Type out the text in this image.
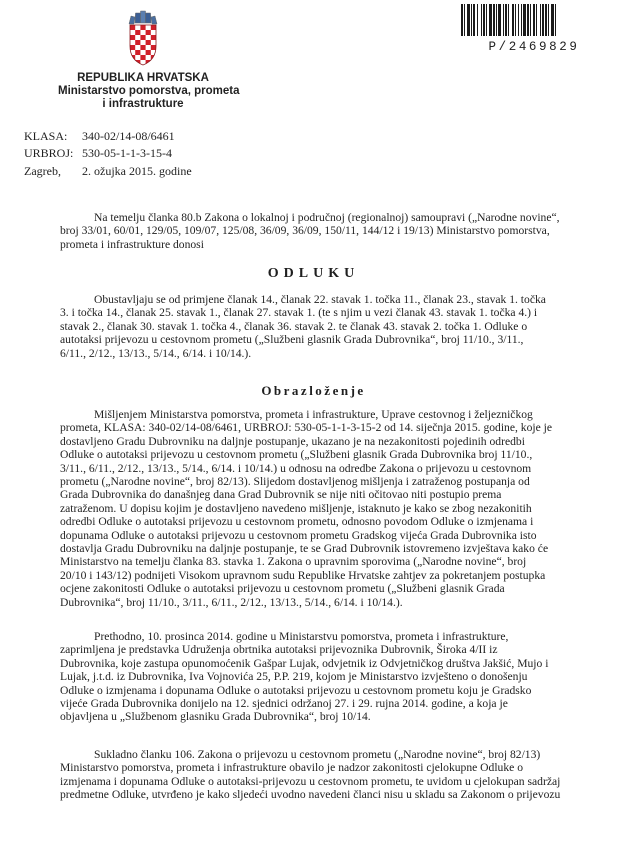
P/2469829
REPUBLIKA HRVATSKA
Ministarstvo pomorstva, prometa
i infrastrukture
KLASA: 340-02/14-08/6461
URBROJ: 530-05-1-1-3-15-4
Zagreb, 2. ožujka 2015. godine
Na temelju članka 80.b Zakona o lokalnoj i područnoj (regionalnoj) samoupravi („Narodne novine“,
broj 33/01, 60/01, 129/05, 109/07, 125/08, 36/09, 36/09, 150/11, 144/12 i 19/13) Ministarstvo pomorstva,
prometa i infrastrukture donosi
ODLUKU
Obustavljaju se od primjene članak 14., članak 22. stavak 1. točka 11., članak 23., stavak 1. točka
3. i točka 14., članak 25. stavak 1., članak 27. stavak 1. (te s njim u vezi članak 43. stavak 1. točka 4.) i
stavak 2., članak 30. stavak 1. točka 4., članak 36. stavak 2. te članak 43. stavak 2. točka 1. Odluke o
autotaksi prijevozu u cestovnom prometu („Službeni glasnik Grada Dubrovnika“, broj 11/10., 3/11.,
6/11., 2/12., 13/13., 5/14., 6/14. i 10/14.).
Obrazloženje
Mišljenjem Ministarstva pomorstva, prometa i infrastrukture, Uprave cestovnog i željezničkog
prometa, KLASA: 340-02/14-08/6461, URBROJ: 530-05-1-1-3-15-2 od 14. siječnja 2015. godine, koje je
dostavljeno Gradu Dubrovniku na daljnje postupanje, ukazano je na nezakonitosti pojedinih odredbi
Odluke o autotaksi prijevozu u cestovnom prometu („Službeni glasnik Grada Dubrovnika broj 11/10.,
3/11., 6/11., 2/12., 13/13., 5/14., 6/14. i 10/14.) u odnosu na odredbe Zakona o prijevozu u cestovnom
prometu („Narodne novine“, broj 82/13). Slijedom dostavljenog mišljenja i zatraženog postupanja od
Grada Dubrovnika do današnjeg dana Grad Dubrovnik se nije niti očitovao niti postupio prema
zatraženom. U dopisu kojim je dostavljeno navedeno mišljenje, istaknuto je kako se zbog nezakonitih
odredbi Odluke o autotaksi prijevozu u cestovnom prometu, odnosno povodom Odluke o izmjenama i
dopunama Odluke o autotaksi prijevozu u cestovnom prometu Gradskog vijeća Grada Dubrovnika isto
dostavlja Gradu Dubrovniku na daljnje postupanje, te se Grad Dubrovnik istovremeno izvještava kako će
Ministarstvo na temelju članka 83. stavka 1. Zakona o upravnim sporovima („Narodne novine“, broj
20/10 i 143/12) podnijeti Visokom upravnom sudu Republike Hrvatske zahtjev za pokretanjem postupka
ocjene zakonitosti Odluke o autotaksi prijevozu u cestovnom prometu („Službeni glasnik Grada
Dubrovnika“, broj 11/10., 3/11., 6/11., 2/12., 13/13., 5/14., 6/14. i 10/14.).
Prethodno, 10. prosinca 2014. godine u Ministarstvu pomorstva, prometa i infrastrukture,
zaprimljena je predstavka Udruženja obrtnika autotaksi prijevoznika Dubrovnik, Široka 4/II iz
Dubrovnika, koje zastupa opunomoćenik Gašpar Lujak, odvjetnik iz Odvjetničkog društva Jakšić, Mujo i
Lujak, j.t.d. iz Dubrovnika, Iva Vojnovića 25, P.P. 219, kojom je Ministarstvo izvješteno o donošenju
Odluke o izmjenama i dopunama Odluke o autotaksi prijevozu u cestovnom prometu koju je Gradsko
vijeće Grada Dubrovnika donijelo na 12. sjednici održanoj 27. i 29. rujna 2014. godine, a koja je
objavljena u „Službenom glasniku Grada Dubrovnika“, broj 10/14.
Sukladno članku 106. Zakona o prijevozu u cestovnom prometu („Narodne novine“, broj 82/13)
Ministarstvo pomorstva, prometa i infrastrukture obavilo je nadzor zakonitosti cjelokupne Odluke o
izmjenama i dopunama Odluke o autotaksi-prijevozu u cestovnom prometu, te uvidom u cjelokupan sadržaj
predmetne Odluke, utvrđeno je kako sljedeći uvodno navedeni članci nisu u skladu sa Zakonom o prijevozu
